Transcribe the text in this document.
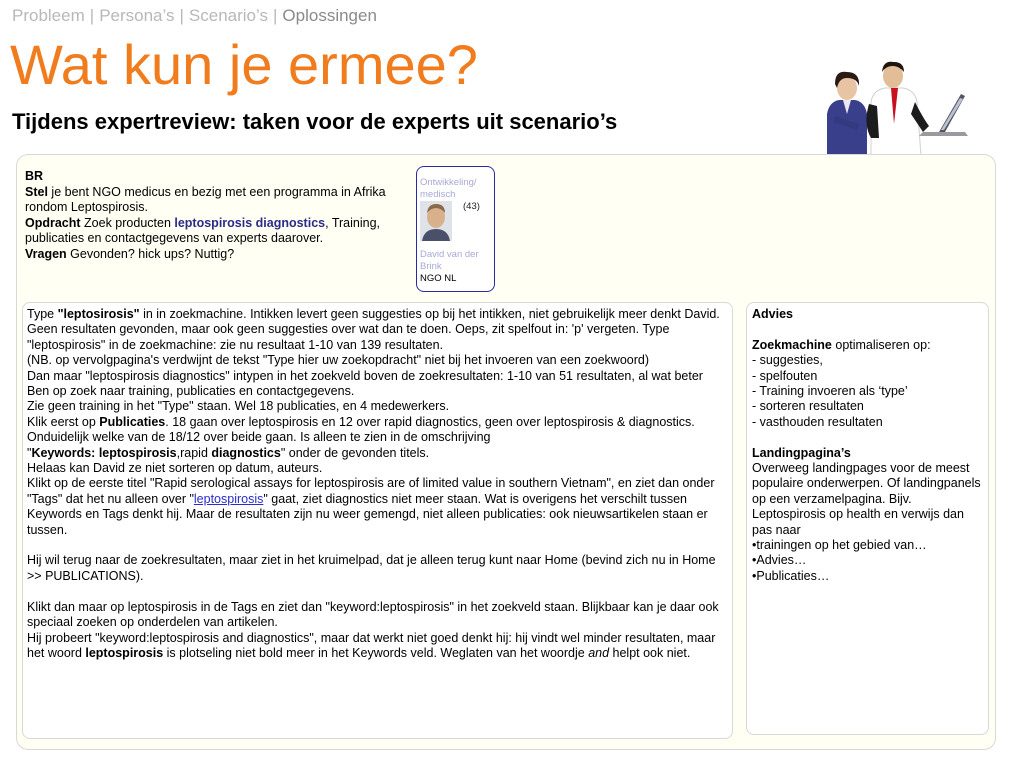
Probleem | Persona’s | Scenario’s | Oplossingen
Wat kun je ermee?
Tijdens expertreview: taken voor de experts uit scenario’s
BR
Stel je bent NGO medicus en bezig met een programma in Afrika rondom Leptospirosis.
Opdracht Zoek producten leptospirosis diagnostics, Training, publicaties en contactgegevens van experts daarover.
Vragen Gevonden? hick ups? Nuttig?
Ontwikkeling/ medisch
(43)
David van der Brink
NGO NL

Type "leptosirosis" in in zoekmachine. Intikken levert geen suggesties op bij het intikken, niet gebruikelijk meer denkt David. Geen resultaten gevonden, maar ook geen suggesties over wat dan te doen. Oeps, zit spelfout in: 'p' vergeten. Type "leptospirosis" in de zoekmachine: zie nu resultaat 1-10 van 139 resultaten.

(NB. op vervolgpagina's verdwijnt de tekst "Type hier uw zoekopdracht" niet bij het invoeren van een zoekwoord)

Dan maar "leptospirosis diagnostics" intypen in het zoekveld boven de zoekresultaten: 1-10 van 51 resultaten, al wat beter Ben op zoek naar training, publicaties en contactgegevens.

Zie geen training in het "Type" staan. Wel 18 publicaties, en 4 medewerkers.

Klik eerst op Publicaties. 18 gaan over leptospirosis en 12 over rapid diagnostics, geen over leptospirosis & diagnostics. Onduidelijk welke van de 18/12 over beide gaan. Is alleen te zien in de omschrijving

"Keywords: leptospirosis,rapid diagnostics" onder de gevonden titels.

Helaas kan David ze niet sorteren op datum, auteurs.

Klikt op de eerste titel "Rapid serological assays for leptospirosis are of limited value in southern Vietnam", en ziet dan onder "Tags" dat het nu alleen over "leptospirosis" gaat, ziet diagnostics niet meer staan. Wat is overigens het verschilt tussen Keywords en Tags denkt hij. Maar de resultaten zijn nu weer gemengd, niet alleen publicaties: ook nieuwsartikelen staan er tussen.

Hij wil terug naar de zoekresultaten, maar ziet in het kruimelpad, dat je alleen terug kunt naar Home (bevind zich nu in Home >> PUBLICATIONS).

Klikt dan maar op leptospirosis in de Tags en ziet dan "keyword:leptospirosis" in het zoekveld staan. Blijkbaar kan je daar ook speciaal zoeken op onderdelen van artikelen.

Hij probeert "keyword:leptospirosis and diagnostics", maar dat werkt niet goed denkt hij: hij vindt wel minder resultaten, maar het woord leptospirosis is plotseling niet bold meer in het Keywords veld. Weglaten van het woordje and helpt ook niet.

Advies

Zoekmachine optimaliseren op:

- suggesties,

- spelfouten

- Training invoeren als ‘type’

- sorteren resultaten

- vasthouden resultaten

Landingpagina’s

Overweeg landingpages voor de meest populaire onderwerpen. Of landingpanels op een verzamelpagina. Bijv. Leptospirosis op health en verwijs dan pas naar

•trainingen op het gebied van…

•Advies…

•Publicaties…
